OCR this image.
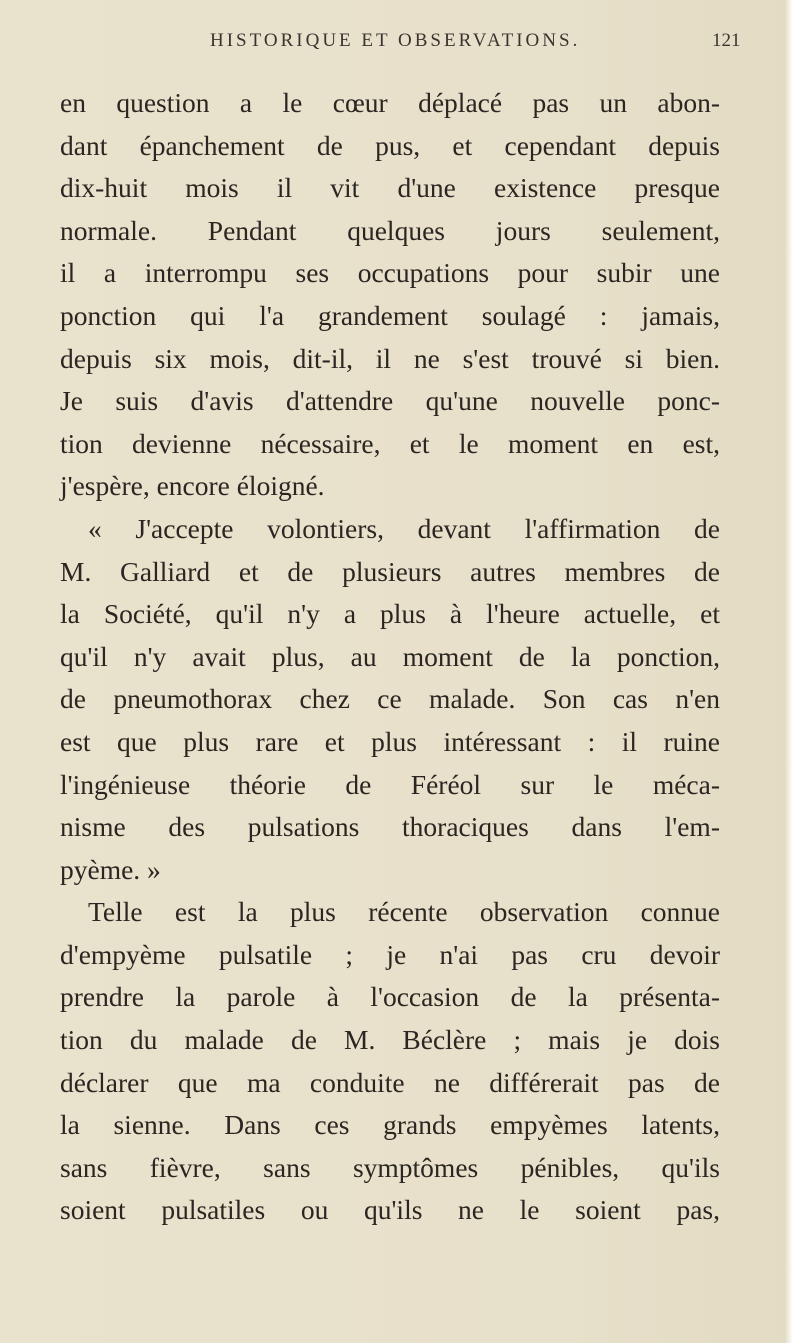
HISTORIQUE ET OBSERVATIONS.	121
en question a le cœur déplacé pas un abon-
dant épanchement de pus, et cependant depuis
dix-huit mois il vit d'une existence presque
normale. Pendant quelques jours seulement,
il a interrompu ses occupations pour subir une
ponction qui l'a grandement soulagé : jamais,
depuis six mois, dit-il, il ne s'est trouvé si bien.
Je suis d'avis d'attendre qu'une nouvelle ponc-
tion devienne nécessaire, et le moment en est,
j'espère, encore éloigné.
« J'accepte volontiers, devant l'affirmation de
M. Galliard et de plusieurs autres membres de
la Société, qu'il n'y a plus à l'heure actuelle, et
qu'il n'y avait plus, au moment de la ponction,
de pneumothorax chez ce malade. Son cas n'en
est que plus rare et plus intéressant : il ruine
l'ingénieuse théorie de Féréol sur le méca-
nisme des pulsations thoraciques dans l'em-
pyème. »
Telle est la plus récente observation connue
d'empyème pulsatile ; je n'ai pas cru devoir
prendre la parole à l'occasion de la présenta-
tion du malade de M. Béclère ; mais je dois
déclarer que ma conduite ne différerait pas de
la sienne. Dans ces grands empyèmes latents,
sans fièvre, sans symptômes pénibles, qu'ils
soient pulsatiles ou qu'ils ne le soient pas,
